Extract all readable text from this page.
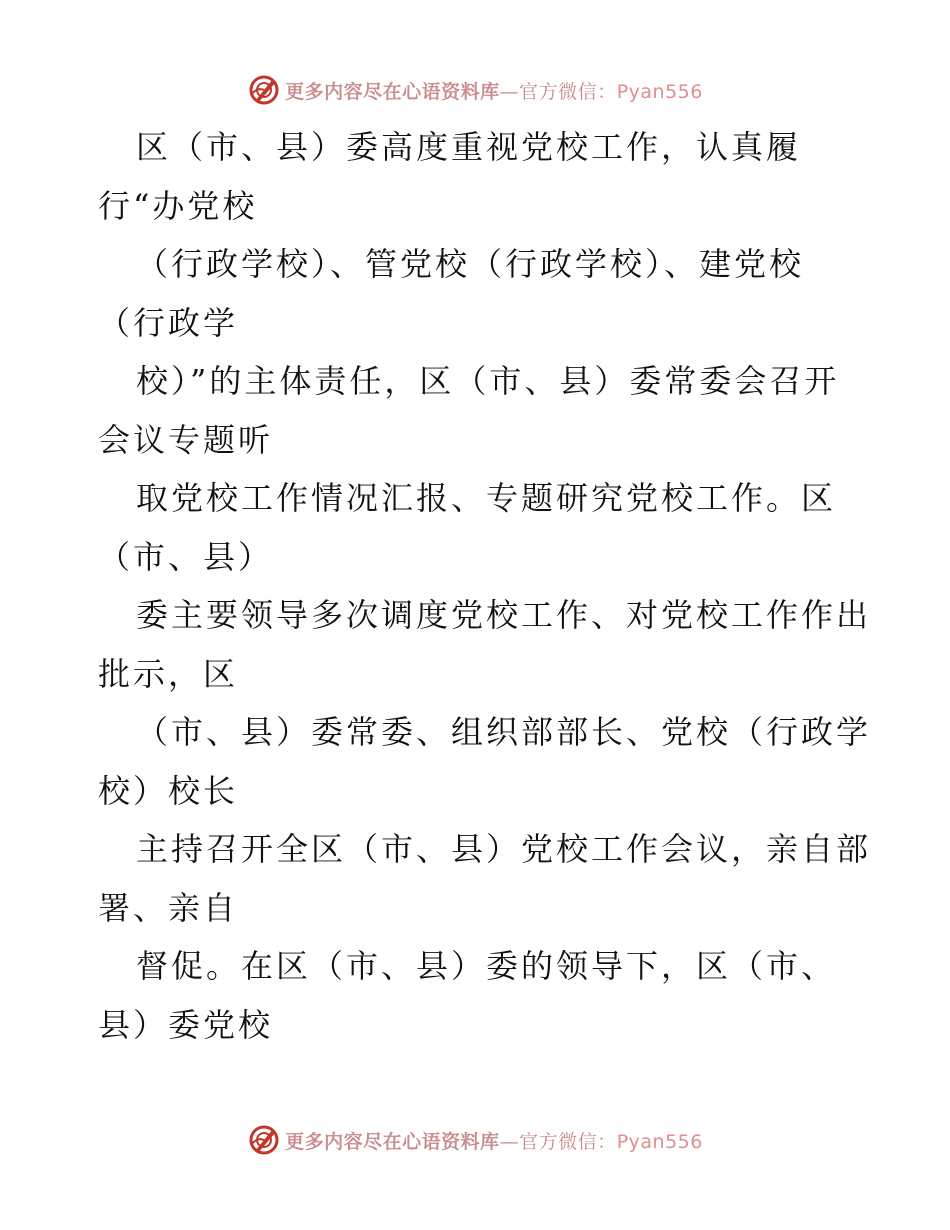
更多内容尽在心语资料库—官方微信：Pyan556
区（市、县）委高度重视党校工作，认真履
行“办党校
（行政学校）、管党校（行政学校）、建党校
（行政学
校）”的主体责任，区（市、县）委常委会召开
会议专题听
取党校工作情况汇报、专题研究党校工作。区
（市、县）
委主要领导多次调度党校工作、对党校工作作出
批示，区
（市、县）委常委、组织部部长、党校（行政学
校）校长
主持召开全区（市、县）党校工作会议，亲自部
署、亲自
督促。在区（市、县）委的领导下，区（市、
县）委党校
更多内容尽在心语资料库—官方微信：Pyan556
